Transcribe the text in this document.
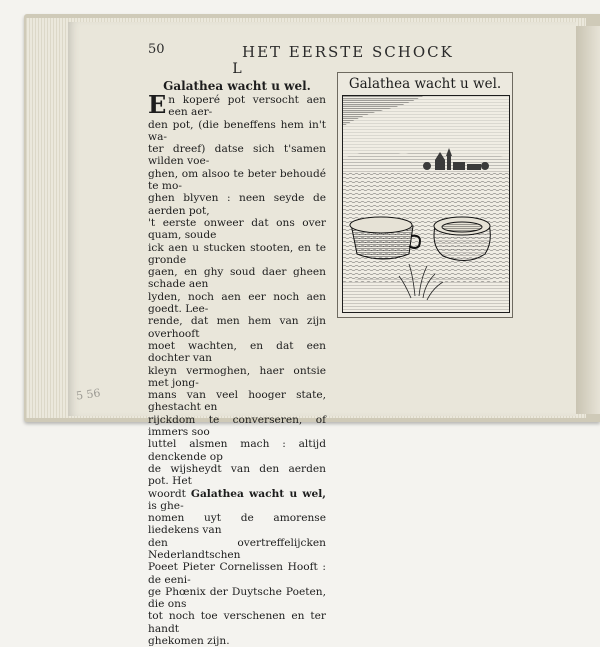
50	HET EERSTE SCHOCK
L
Galathea wacht u wel.
E n koperé pot versocht aen een aer-

den pot, (die beneffens hem in't wa-

ter dreef) datse sich t'samen wilden voe-

ghen, om alsoo te beter behoudé te mo-

ghen blyven : neen seyde de aerden pot,

't eerste onweer dat ons over quam, soude

ick aen u stucken stooten, en te gronde

gaen, en ghy soud daer gheen schade aen

lyden, noch aen eer noch aen goedt. Lee-

rende, dat men hem van zijn overhooft

moet wachten, en dat een dochter van

kleyn vermoghen, haer ontsie met jong-

mans van veel hooger state, ghestacht en

rijckdom te converseren, of immers soo

luttel alsmen mach : altijd denckende op

de wijsheydt van den aerden pot. Het

woordt Galathea wacht u wel, is ghe-

nomen uyt de amorense liedekens van

den overtreffelijcken Nederlandtschen

Poeet Pieter Cornelissen Hooft : de eeni-

ge Phœnix der Duytsche Poeten, die ons

tot noch toe verschenen en ter handt

ghekomen zijn.

5 56
Galathea wacht u wel.
